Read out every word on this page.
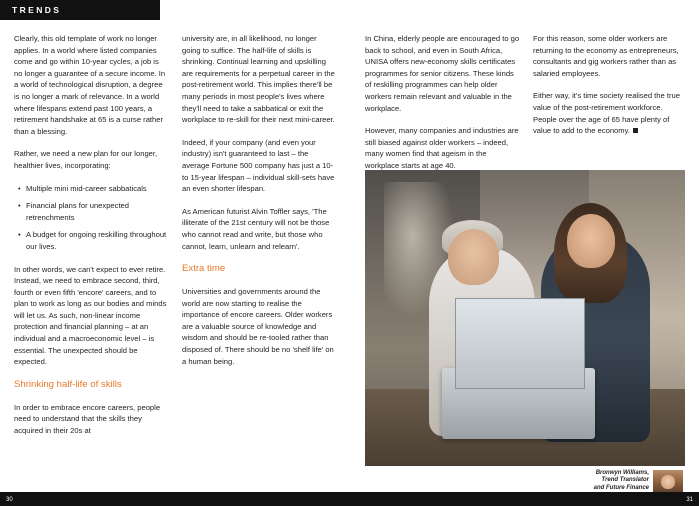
TRENDS

Clearly, this old template of work no longer applies. In a world where listed companies come and go within 10-year cycles, a job is no longer a guarantee of a secure income. In a world of technological disruption, a degree is no longer a mark of relevance. In a world where lifespans extend past 100 years, a retirement handshake at 65 is a curse rather than a blessing.

Rather, we need a new plan for our longer, healthier lives, incorporating:

• Multiple mini mid-career sabbaticals
• Financial plans for unexpected retrenchments
• A budget for ongoing reskilling throughout our lives.

In other words, we can't expect to ever retire. Instead, we need to embrace second, third, fourth or even fifth 'encore' careers, and to plan to work as long as our bodies and minds will let us. As such, non-linear income protection and financial planning – at an individual and a macroeconomic level – is essential. The unexpected should be expected.

Shrinking half-life of skills

In order to embrace encore careers, people need to understand that the skills they acquired in their 20s at

university are, in all likelihood, no longer going to suffice. The half-life of skills is shrinking. Continual learning and upskilling are requirements for a perpetual career in the post-retirement world. This implies there'll be many periods in most people's lives where they'll need to take a sabbatical or exit the workplace to re-skill for their next mini-career.

Indeed, if your company (and even your industry) isn't guaranteed to last – the average Fortune 500 company has just a 10- to 15-year lifespan – individual skill-sets have an even shorter lifespan.

As American futurist Alvin Toffler says, 'The illiterate of the 21st century will not be those who cannot read and write, but those who cannot, learn, unlearn and relearn'.

Extra time

Universities and governments around the world are now starting to realise the importance of encore careers. Older workers are a valuable source of knowledge and wisdom and should be re-tooled rather than disposed of. There should be no 'shelf life' on a human being.

In China, elderly people are encouraged to go back to school, and even in South Africa, UNISA offers new-economy skills certificates programmes for senior citizens. These kinds of reskilling programmes can help older workers remain relevant and valuable in the workplace.

However, many companies and industries are still biased against older workers – indeed, many women find that ageism in the workplace starts at age 40.

For this reason, some older workers are returning to the economy as entrepreneurs, consultants and gig workers rather than as salaried employees.

Either way, it's time society realised the true value of the post-retirement workforce. People over the age of 65 have plenty of value to add to the economy.

Bronwyn Williams,
Trend Translator
and Future Finance
30	31
